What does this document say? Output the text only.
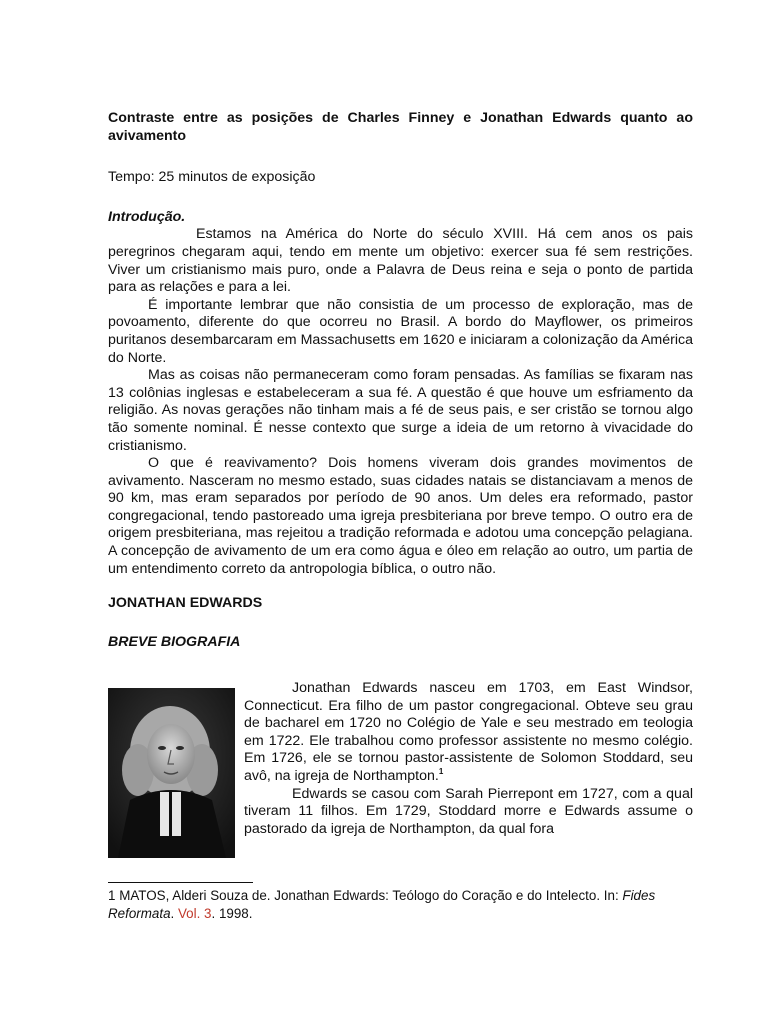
Contraste entre as posições de Charles Finney e Jonathan Edwards quanto ao avivamento

Tempo: 25 minutos de exposição
Introdução.

Estamos na América do Norte do século XVIII. Há cem anos os pais peregrinos chegaram aqui, tendo em mente um objetivo: exercer sua fé sem restrições. Viver um cristianismo mais puro, onde a Palavra de Deus reina e seja o ponto de partida para as relações e para a lei.

É importante lembrar que não consistia de um processo de exploração, mas de povoamento, diferente do que ocorreu no Brasil. A bordo do Mayflower, os primeiros puritanos desembarcaram em Massachusetts em 1620 e iniciaram a colonização da América do Norte.

Mas as coisas não permaneceram como foram pensadas. As famílias se fixaram nas 13 colônias inglesas e estabeleceram a sua fé. A questão é que houve um esfriamento da religião. As novas gerações não tinham mais a fé de seus pais, e ser cristão se tornou algo tão somente nominal. É nesse contexto que surge a ideia de um retorno à vivacidade do cristianismo.

O que é reavivamento? Dois homens viveram dois grandes movimentos de avivamento. Nasceram no mesmo estado, suas cidades natais se distanciavam a menos de 90 km, mas eram separados por período de 90 anos. Um deles era reformado, pastor congregacional, tendo pastoreado uma igreja presbiteriana por breve tempo. O outro era de origem presbiteriana, mas rejeitou a tradição reformada e adotou uma concepção pelagiana. A concepção de avivamento de um era como água e óleo em relação ao outro, um partia de um entendimento correto da antropologia bíblica, o outro não.

JONATHAN EDWARDS
BREVE BIOGRAFIA

Jonathan Edwards nasceu em 1703, em East Windsor, Connecticut. Era filho de um pastor congregacional. Obteve seu grau de bacharel em 1720 no Colégio de Yale e seu mestrado em teologia em 1722. Ele trabalhou como professor assistente no mesmo colégio. Em 1726, ele se tornou pastor-assistente de Solomon Stoddard, seu avô, na igreja de Northampton.$^1$

Edwards se casou com Sarah Pierrepont em 1727, com a qual tiveram 11 filhos. Em 1729, Stoddard morre e Edwards assume o pastorado da igreja de Northampton, da qual fora

1 MATOS, Alderi Souza de. Jonathan Edwards: Teólogo do Coração e do Intelecto. In: Fides Reformata. Vol. 3. 1998.
